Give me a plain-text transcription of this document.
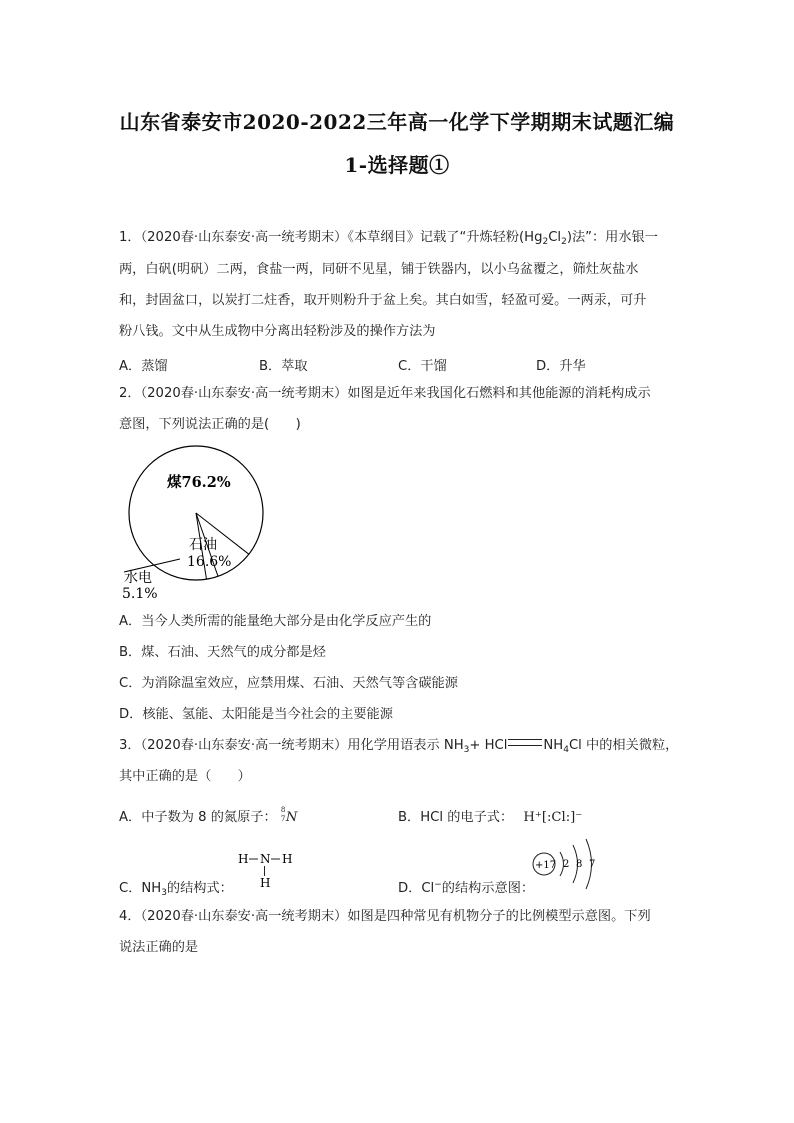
山东省泰安市2020-2022三年高一化学下学期期末试题汇编
1-选择题①
1．（2020春·山东泰安·高一统考期末）《本草纲目》记载了“升炼轻粉$(Hg_2Cl_2)$法”：用水银一
两，白矾(明矾）二两，食盐一两，同研不见星，铺于铁器内，以小乌盆覆之，筛灶灰盐水
和，封固盆口，以炭打二炷香，取开则粉升于盆上矣。其白如雪，轻盈可爱。一两汞，可升
粉八钱。文中从生成物中分离出轻粉涉及的操作方法为
A．蒸馏	B．萃取	C．干馏	D．升华
2．（2020春·山东泰安·高一统考期末）如图是近年来我国化石燃料和其他能源的消耗构成示
意图，下列说法正确的是(　　)
煤76.2%
石油
16.6%
水电
5.1%
A．当今人类所需的能量绝大部分是由化学反应产生的
B．煤、石油、天然气的成分都是烃
C．为消除温室效应，应禁用煤、石油、天然气等含碳能源
D．核能、氢能、太阳能是当今社会的主要能源
3．（2020春·山东泰安·高一统考期末）用化学用语表示 $NH_3+$ HCl	$NH_4Cl$ 中的相关微粒，
其中正确的是（　　）
A．中子数为 8 的氮原子： 8
7 N	B．HCl 的电子式： H⁺[:Cl:]⁻
C．$NH_3$的结构式：
H N H
H	D．Cl−的结构示意图：
+17 2 8 7
4．（2020春·山东泰安·高一统考期末）如图是四种常见有机物分子的比例模型示意图。下列
说法正确的是
